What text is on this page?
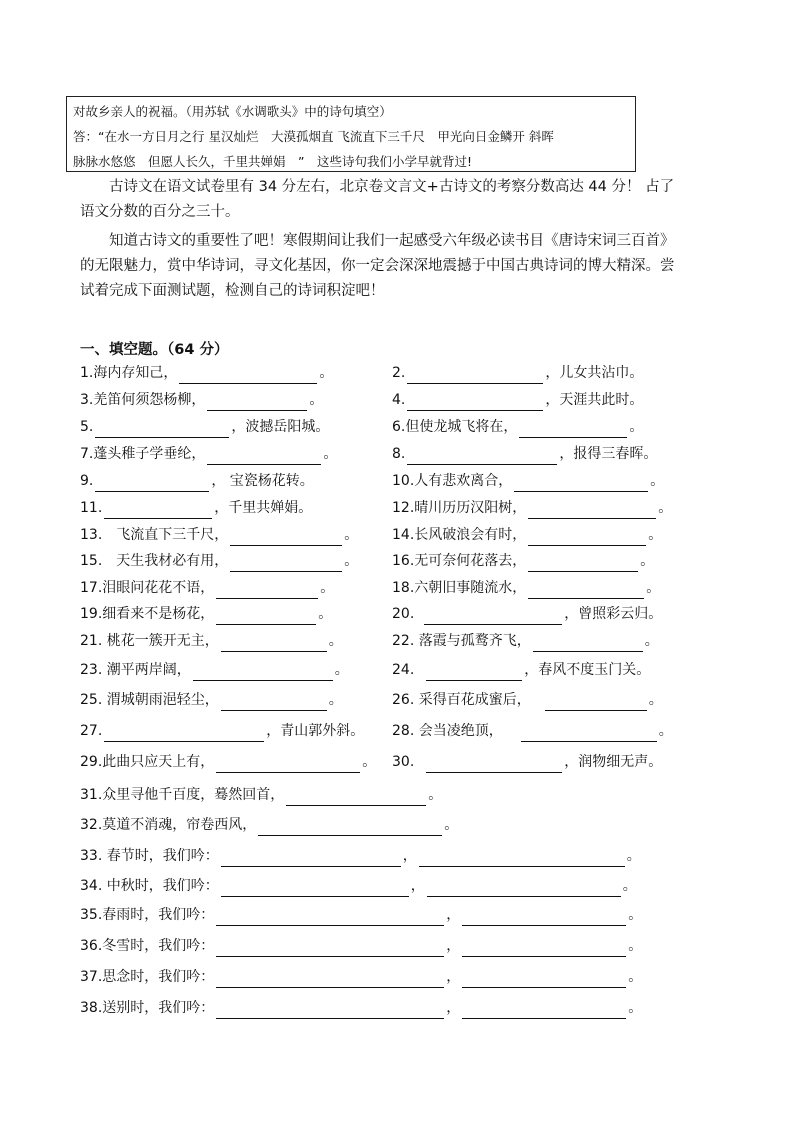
对故乡亲人的祝福。（用苏轼《水调歌头》中的诗句填空）
答：“在水一方日月之行 星汉灿烂　大漠孤烟直 飞流直下三千尺　甲光向日金鳞开 斜晖
脉脉水悠悠　但愿人长久，千里共婵娟　”　这些诗句我们小学早就背过!

古诗文在语文试卷里有 34 分左右，北京卷文言文+古诗文的考察分数高达 44 分！ 占了语文分数的百分之三十。

知道古诗文的重要性了吧！寒假期间让我们一起感受六年级必读书目《唐诗宋词三百首》的无限魅力，赏中华诗词，寻文化基因，你一定会深深地震撼于中国古典诗词的博大精深。尝试着完成下面测试题，检测自己的诗词积淀吧！

一、填空题。（64 分）
1.海内存知己，	。	2.	，儿女共沾巾。
3.羌笛何须怨杨柳，	。	4.	，天涯共此时。
5.	，波撼岳阳城。	6.但使龙城飞将在，	。
7.蓬头稚子学垂纶，	。	8.	，报得三春晖。
9.	， 宝瓷杨花转。	10.人有悲欢离合，	。
11.	，千里共婵娟。	12.晴川历历汉阳树，	。
13.　飞流直下三千尺，	。 14.长风破浪会有时，	。
15.　天生我材必有用，	。 16.无可奈何花落去，	。
17.泪眼问花花不语，	。	18.六朝旧事随流水，	。
19.细看来不是杨花，	。	20.	，曾照彩云归。
21. 桃花一簇开无主，	。	22. 落霞与孤鹜齐飞，	。
23. 潮平两岸阔，	。	24.	，春风不度玉门关。
25. 渭城朝雨浥轻尘，	。	26. 采得百花成蜜后，	。
27.	，青山郭外斜。 28. 会当凌绝顶，	。
29.此曲只应天上有，	。 30.	，润物细无声。
31.众里寻他千百度，蓦然回首，	。
32.莫道不消魂，帘卷西风，	。
33. 春节时，我们吟：	，	。
34. 中秋时，我们吟：	，	。
35.春雨时，我们吟：	，	。
36.冬雪时，我们吟：	，	。
37.思念时，我们吟：	，	。
38.送别时，我们吟：	，	。
